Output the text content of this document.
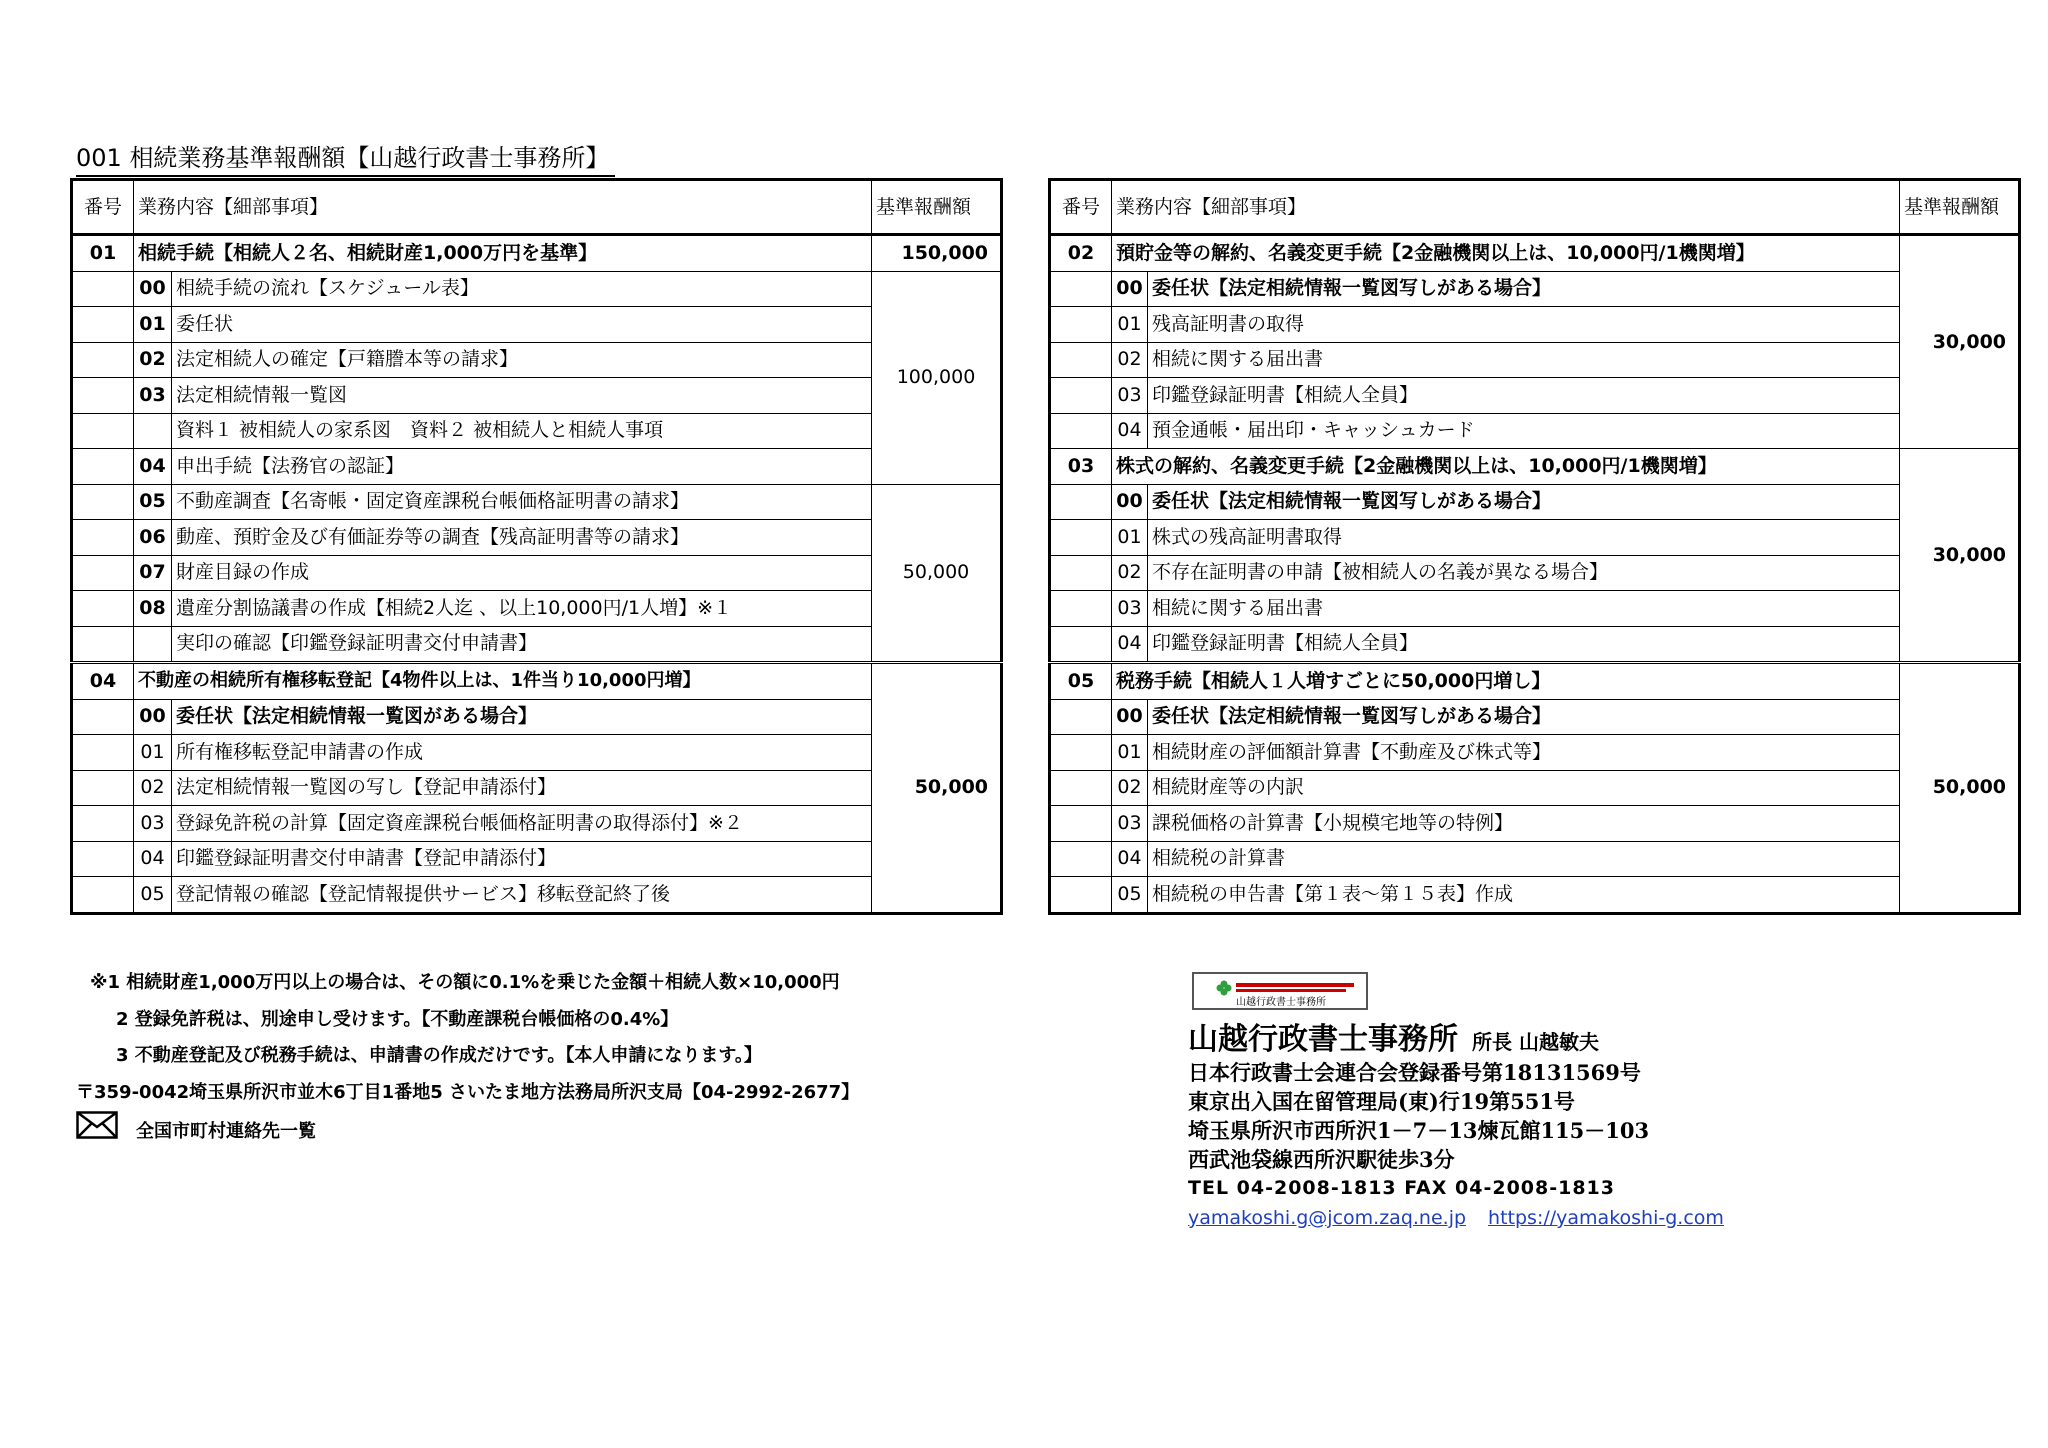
001 相続業務基準報酬額【山越行政書士事務所】
番号	業務内容【細部事項】		基準報酬額
01	相続手続【相続人２名、相続財産1,000万円を基準】		150,000
	00	相続手続の流れ【スケジュール表】	100,000
	01	委任状	
	02	法定相続人の確定【戸籍謄本等の請求】	
	03	法定相続情報一覧図	
		資料１ 被相続人の家系図　資料２ 被相続人と相続人事項	
	04	申出手続【法務官の認証】	
	05	不動産調査【名寄帳・固定資産課税台帳価格証明書の請求】	50,000
	06	動産、預貯金及び有価証券等の調査【残高証明書等の請求】	
	07	財産目録の作成	
	08	遺産分割協議書の作成【相続2人迄 、以上10,000円/1人増】※１	
		実印の確認【印鑑登録証明書交付申請書】	
04	不動産の相続所有権移転登記【4物件以上は、1件当り10,000円増】		50,000
	00	委任状【法定相続情報一覧図がある場合】	
	01	所有権移転登記申請書の作成	
	02	法定相続情報一覧図の写し【登記申請添付】	
	03	登録免許税の計算【固定資産課税台帳価格証明書の取得添付】※２	
	04	印鑑登録証明書交付申請書【登記申請添付】	
	05	登記情報の確認【登記情報提供サービス】移転登記終了後	
番号	業務内容【細部事項】		基準報酬額
02	預貯金等の解約、名義変更手続【2金融機関以上は、10,000円/1機関増】		30,000
	00	委任状【法定相続情報一覧図写しがある場合】	
	01	残高証明書の取得	
	02	相続に関する届出書	
	03	印鑑登録証明書【相続人全員】	
	04	預金通帳・届出印・キャッシュカード	
03	株式の解約、名義変更手続【2金融機関以上は、10,000円/1機関増】		30,000
	00	委任状【法定相続情報一覧図写しがある場合】	
	01	株式の残高証明書取得	
	02	不存在証明書の申請【被相続人の名義が異なる場合】	
	03	相続に関する届出書	
	04	印鑑登録証明書【相続人全員】	
05	税務手続【相続人１人増すごとに50,000円増し】		50,000
	00	委任状【法定相続情報一覧図写しがある場合】	
	01	相続財産の評価額計算書【不動産及び株式等】	
	02	相続財産等の内訳	
	03	課税価格の計算書【小規模宅地等の特例】	
	04	相続税の計算書	
	05	相続税の申告書【第１表～第１５表】作成	
※1 相続財産1,000万円以上の場合は、その額に0.1%を乗じた金額＋相続人数×10,000円
2 登録免許税は、別途申し受けます。【不動産課税台帳価格の0.4%】
3 不動産登記及び税務手続は、申請書の作成だけです。【本人申請になります。】
〒359-0042埼玉県所沢市並木6丁目1番地5 さいたま地方法務局所沢支局【04-2992-2677】
全国市町村連絡先一覧
山越行政書士事務所
山越行政書士事務所 所長 山越敏夫
日本行政書士会連合会登録番号第18131569号
東京出入国在留管理局(東)行19第551号
埼玉県所沢市西所沢1－7－13煉瓦館115－103
西武池袋線西所沢駅徒歩3分
TEL 04-2008-1813 FAX 04-2008-1813
yamakoshi.g@jcom.zaq.ne.jp https://yamakoshi-g.com
